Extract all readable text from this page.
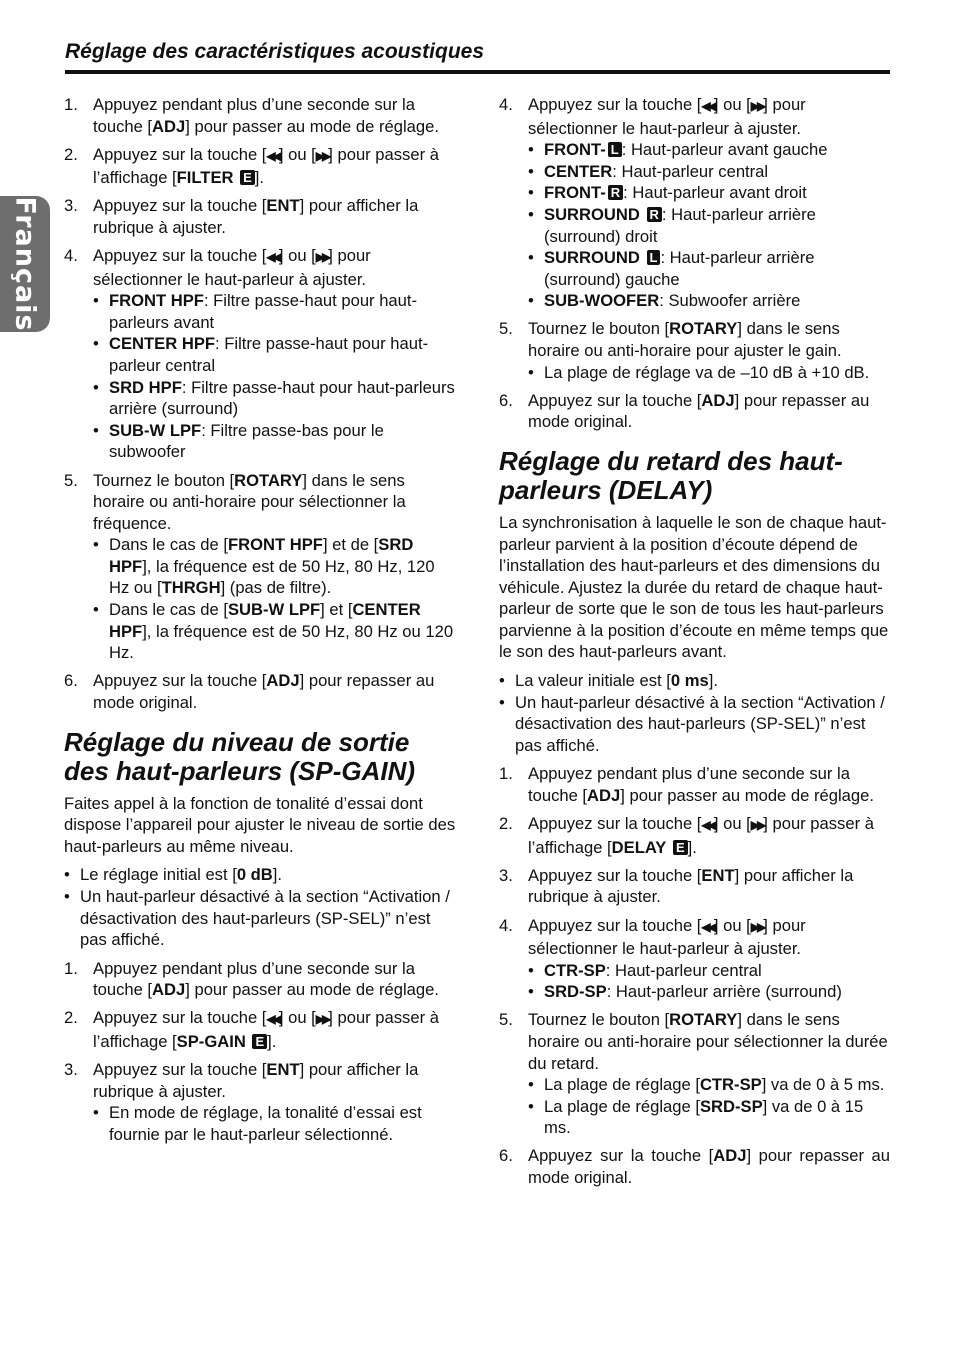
Réglage des caractéristiques acoustiques
Français
1. Appuyez pendant plus d’une seconde sur la touche [ADJ] pour passer au mode de réglage.
2. Appuyez sur la touche [◀◀] ou [▶▶] pour passer à l’affichage [FILTER E ].
3. Appuyez sur la touche [ENT] pour afficher la rubrique à ajuster.
4. Appuyez sur la touche [◀◀] ou [▶▶] pour sélectionner le haut-parleur à ajuster.
• FRONT HPF: Filtre passe-haut pour haut-parleurs avant
• CENTER HPF: Filtre passe-haut pour haut-parleur central
• SRD HPF: Filtre passe-haut pour haut-parleurs arrière (surround)
• SUB-W LPF: Filtre passe-bas pour le subwoofer
5. Tournez le bouton [ROTARY] dans le sens horaire ou anti-horaire pour sélectionner la fréquence.
• Dans le cas de [FRONT HPF] et de [SRD HPF], la fréquence est de 50 Hz, 80 Hz, 120 Hz ou [THRGH] (pas de filtre).
• Dans le cas de [SUB-W LPF] et [CENTER HPF], la fréquence est de 50 Hz, 80 Hz ou 120 Hz.
6. Appuyez sur la touche [ADJ] pour repasser au mode original.
Réglage du niveau de sortie des haut-parleurs (SP-GAIN)

Faites appel à la fonction de tonalité d’essai dont dispose l’appareil pour ajuster le niveau de sortie des haut-parleurs au même niveau.

• Le réglage initial est [0 dB].
• Un haut-parleur désactivé à la section “Activation / désactivation des haut-parleurs (SP-SEL)” n’est pas affiché.
1. Appuyez pendant plus d’une seconde sur la touche [ADJ] pour passer au mode de réglage.
2. Appuyez sur la touche [◀◀] ou [▶▶] pour passer à l’affichage [SP-GAIN E ].
3. Appuyez sur la touche [ENT] pour afficher la rubrique à ajuster.
• En mode de réglage, la tonalité d’essai est fournie par le haut-parleur sélectionné.
4. Appuyez sur la touche [◀◀] ou [▶▶] pour sélectionner le haut-parleur à ajuster.
• FRONT- L : Haut-parleur avant gauche
• CENTER: Haut-parleur central
• FRONT- R : Haut-parleur avant droit
• SURROUND R : Haut-parleur arrière (surround) droit
• SURROUND L : Haut-parleur arrière (surround) gauche
• SUB-WOOFER: Subwoofer arrière
5. Tournez le bouton [ROTARY] dans le sens horaire ou anti-horaire pour ajuster le gain.
• La plage de réglage va de –10 dB à +10 dB.
6. Appuyez sur la touche [ADJ] pour repasser au mode original.
Réglage du retard des haut-parleurs (DELAY)

La synchronisation à laquelle le son de chaque haut-parleur parvient à la position d’écoute dépend de l’installation des haut-parleurs et des dimensions du véhicule. Ajustez la durée du retard de chaque haut-parleur de sorte que le son de tous les haut-parleurs parvienne à la position d’écoute en même temps que le son des haut-parleurs avant.

• La valeur initiale est [0 ms].
• Un haut-parleur désactivé à la section “Activation / désactivation des haut-parleurs (SP-SEL)” n’est pas affiché.
1. Appuyez pendant plus d’une seconde sur la touche [ADJ] pour passer au mode de réglage.
2. Appuyez sur la touche [◀◀] ou [▶▶] pour passer à l’affichage [DELAY E ].
3. Appuyez sur la touche [ENT] pour afficher la rubrique à ajuster.
4. Appuyez sur la touche [◀◀] ou [▶▶] pour sélectionner le haut-parleur à ajuster.
• CTR-SP: Haut-parleur central
• SRD-SP: Haut-parleur arrière (surround)
5. Tournez le bouton [ROTARY] dans le sens horaire ou anti-horaire pour sélectionner la durée du retard.
• La plage de réglage [CTR-SP] va de 0 à 5 ms.
• La plage de réglage [SRD-SP] va de 0 à 15 ms.
6. Appuyez sur la touche [ADJ] pour repasser au mode original.
